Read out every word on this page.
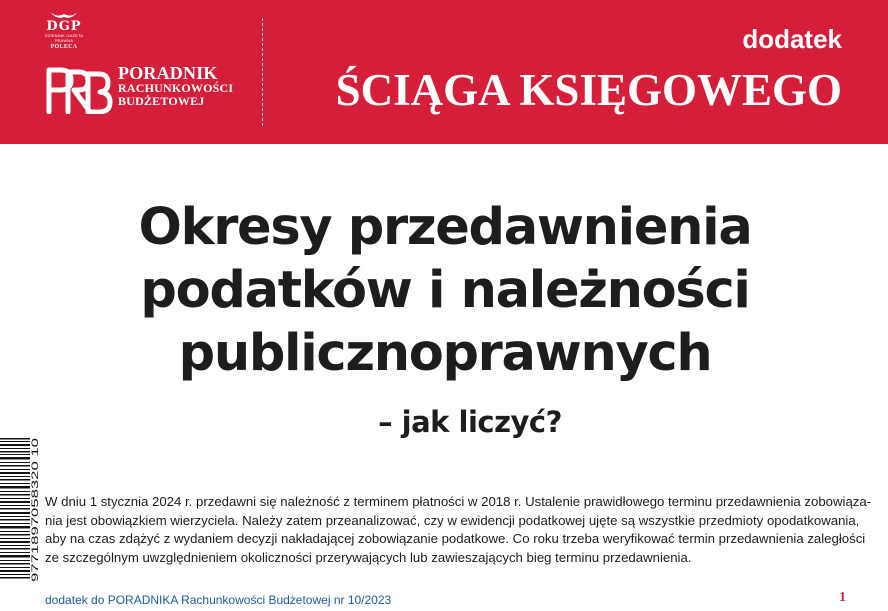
DGP
DZIENNIK GAZETA PRAWNA
POLECA
PORADNIK
RACHUNKOWOŚCI
BUDŻETOWEJ
dodatek
ŚCIĄGA KSIĘGOWEGO
Okresy przedawnienia
podatków i należności
publicznoprawnych
– jak liczyć?
W dniu 1 stycznia 2024 r. przedawni się należność z terminem płatności w 2018 r. Ustalenie prawidłowego terminu przedawnienia zobowiąza-
nia jest obowiązkiem wierzyciela. Należy zatem przeanalizować, czy w ewidencji podatkowej ujęte są wszystkie przedmioty opodatkowania,
aby na czas zdążyć z wydaniem decyzji nakładającej zobowiązanie podatkowe. Co roku trzeba weryfikować termin przedawnienia zaległości
ze szczególnym uwzględnieniem okoliczności przerywających lub zawieszających bieg terminu przedawnienia.
9771897058320 10
dodatek do PORADNIKA Rachunkowości Budżetowej nr 10/2023	1
